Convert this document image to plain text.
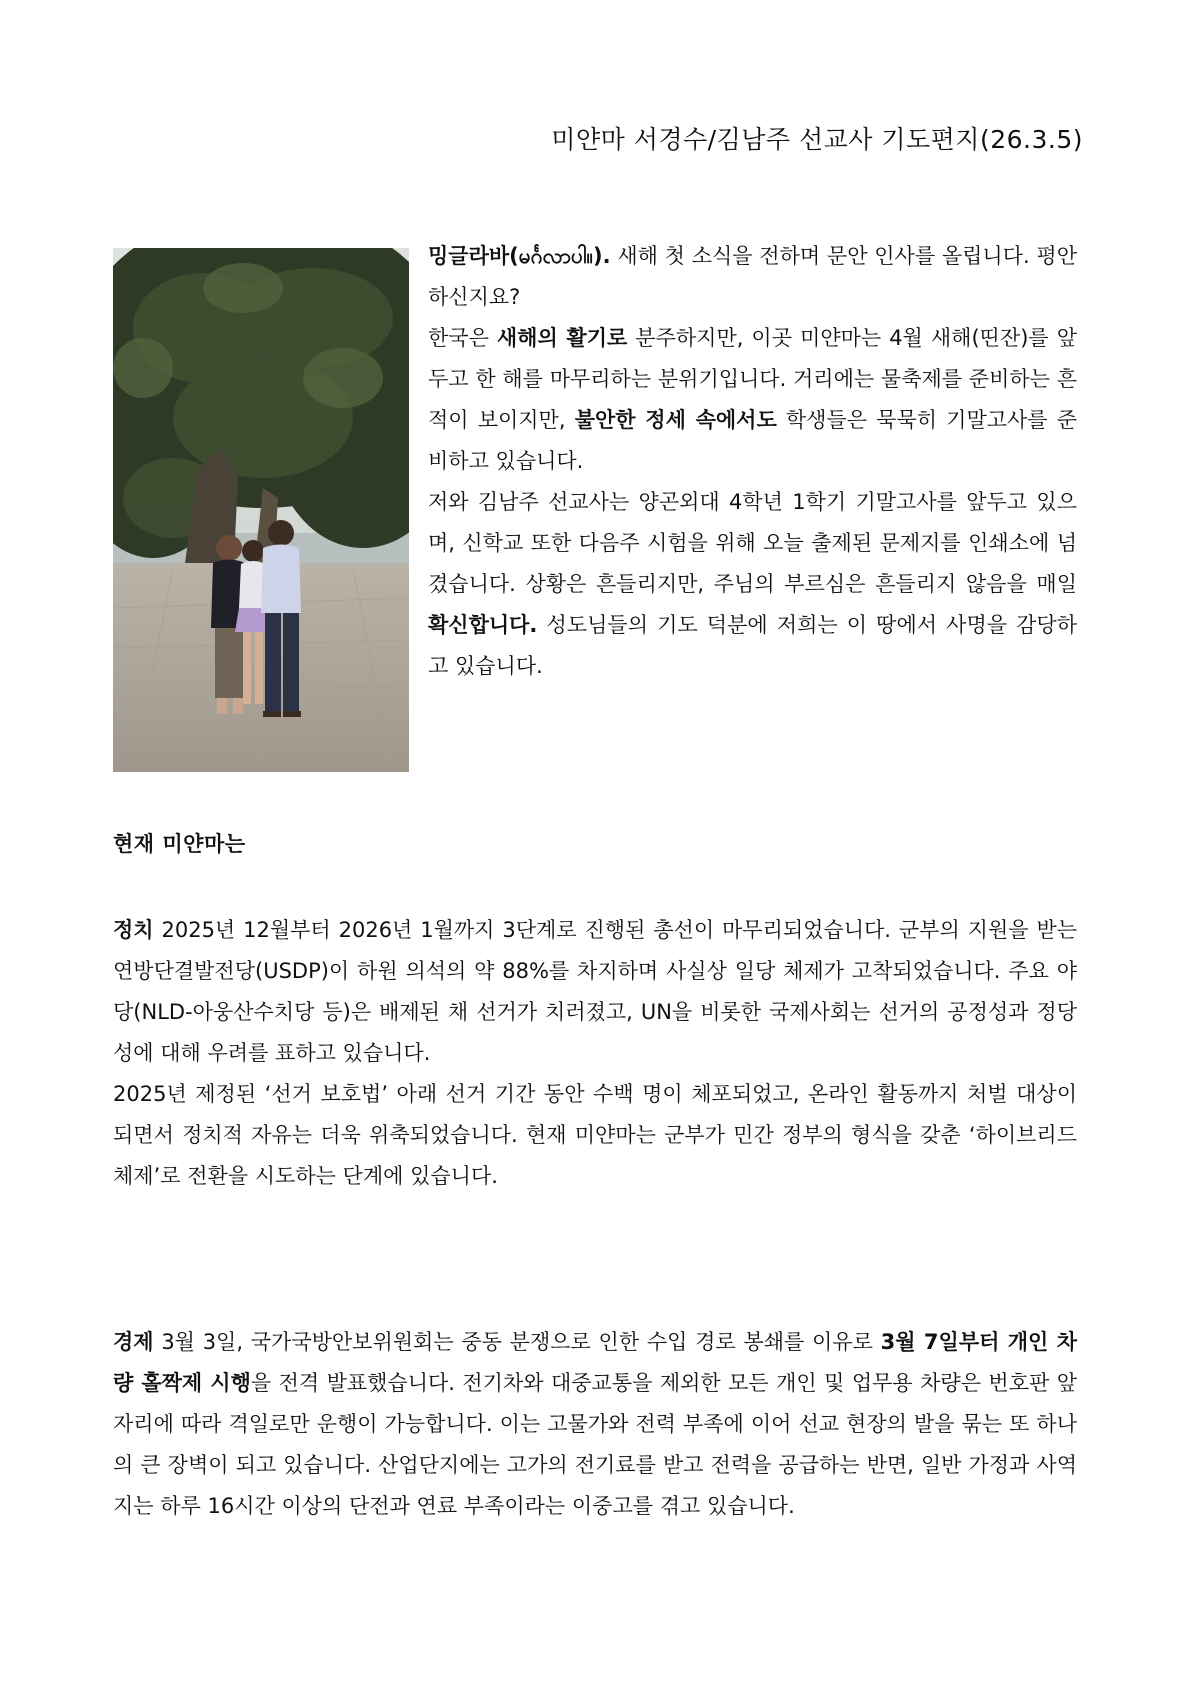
미얀마 서경수/김남주 선교사 기도편지(26.3.5)

밍글라바(မင်္ဂလာပါ။). 새해 첫 소식을 전하며 문안 인사를 올립니다. 평안하신지요?

한국은 새해의 활기로 분주하지만, 이곳 미얀마는 4월 새해(띤잔)를 앞두고 한 해를 마무리하는 분위기입니다. 거리에는 물축제를 준비하는 흔적이 보이지만, 불안한 정세 속에서도 학생들은 묵묵히 기말고사를 준비하고 있습니다.

저와 김남주 선교사는 양곤외대 4학년 1학기 기말고사를 앞두고 있으며, 신학교 또한 다음주 시험을 위해 오늘 출제된 문제지를 인쇄소에 넘겼습니다. 상황은 흔들리지만, 주님의 부르심은 흔들리지 않음을 매일 확신합니다. 성도님들의 기도 덕분에 저희는 이 땅에서 사명을 감당하고 있습니다.

현재 미얀마는

정치 2025년 12월부터 2026년 1월까지 3단계로 진행된 총선이 마무리되었습니다. 군부의 지원을 받는 연방단결발전당(USDP)이 하원 의석의 약 88%를 차지하며 사실상 일당 체제가 고착되었습니다. 주요 야당(NLD-아웅산수치당 등)은 배제된 채 선거가 치러졌고, UN을 비롯한 국제사회는 선거의 공정성과 정당성에 대해 우려를 표하고 있습니다.

2025년 제정된 ‘선거 보호법’ 아래 선거 기간 동안 수백 명이 체포되었고, 온라인 활동까지 처벌 대상이 되면서 정치적 자유는 더욱 위축되었습니다. 현재 미얀마는 군부가 민간 정부의 형식을 갖춘 ‘하이브리드 체제’로 전환을 시도하는 단계에 있습니다.

경제 3월 3일, 국가국방안보위원회는 중동 분쟁으로 인한 수입 경로 봉쇄를 이유로 3월 7일부터 개인 차량 홀짝제 시행을 전격 발표했습니다. 전기차와 대중교통을 제외한 모든 개인 및 업무용 차량은 번호판 앞자리에 따라 격일로만 운행이 가능합니다. 이는 고물가와 전력 부족에 이어 선교 현장의 발을 묶는 또 하나의 큰 장벽이 되고 있습니다. 산업단지에는 고가의 전기료를 받고 전력을 공급하는 반면, 일반 가정과 사역지는 하루 16시간 이상의 단전과 연료 부족이라는 이중고를 겪고 있습니다.
